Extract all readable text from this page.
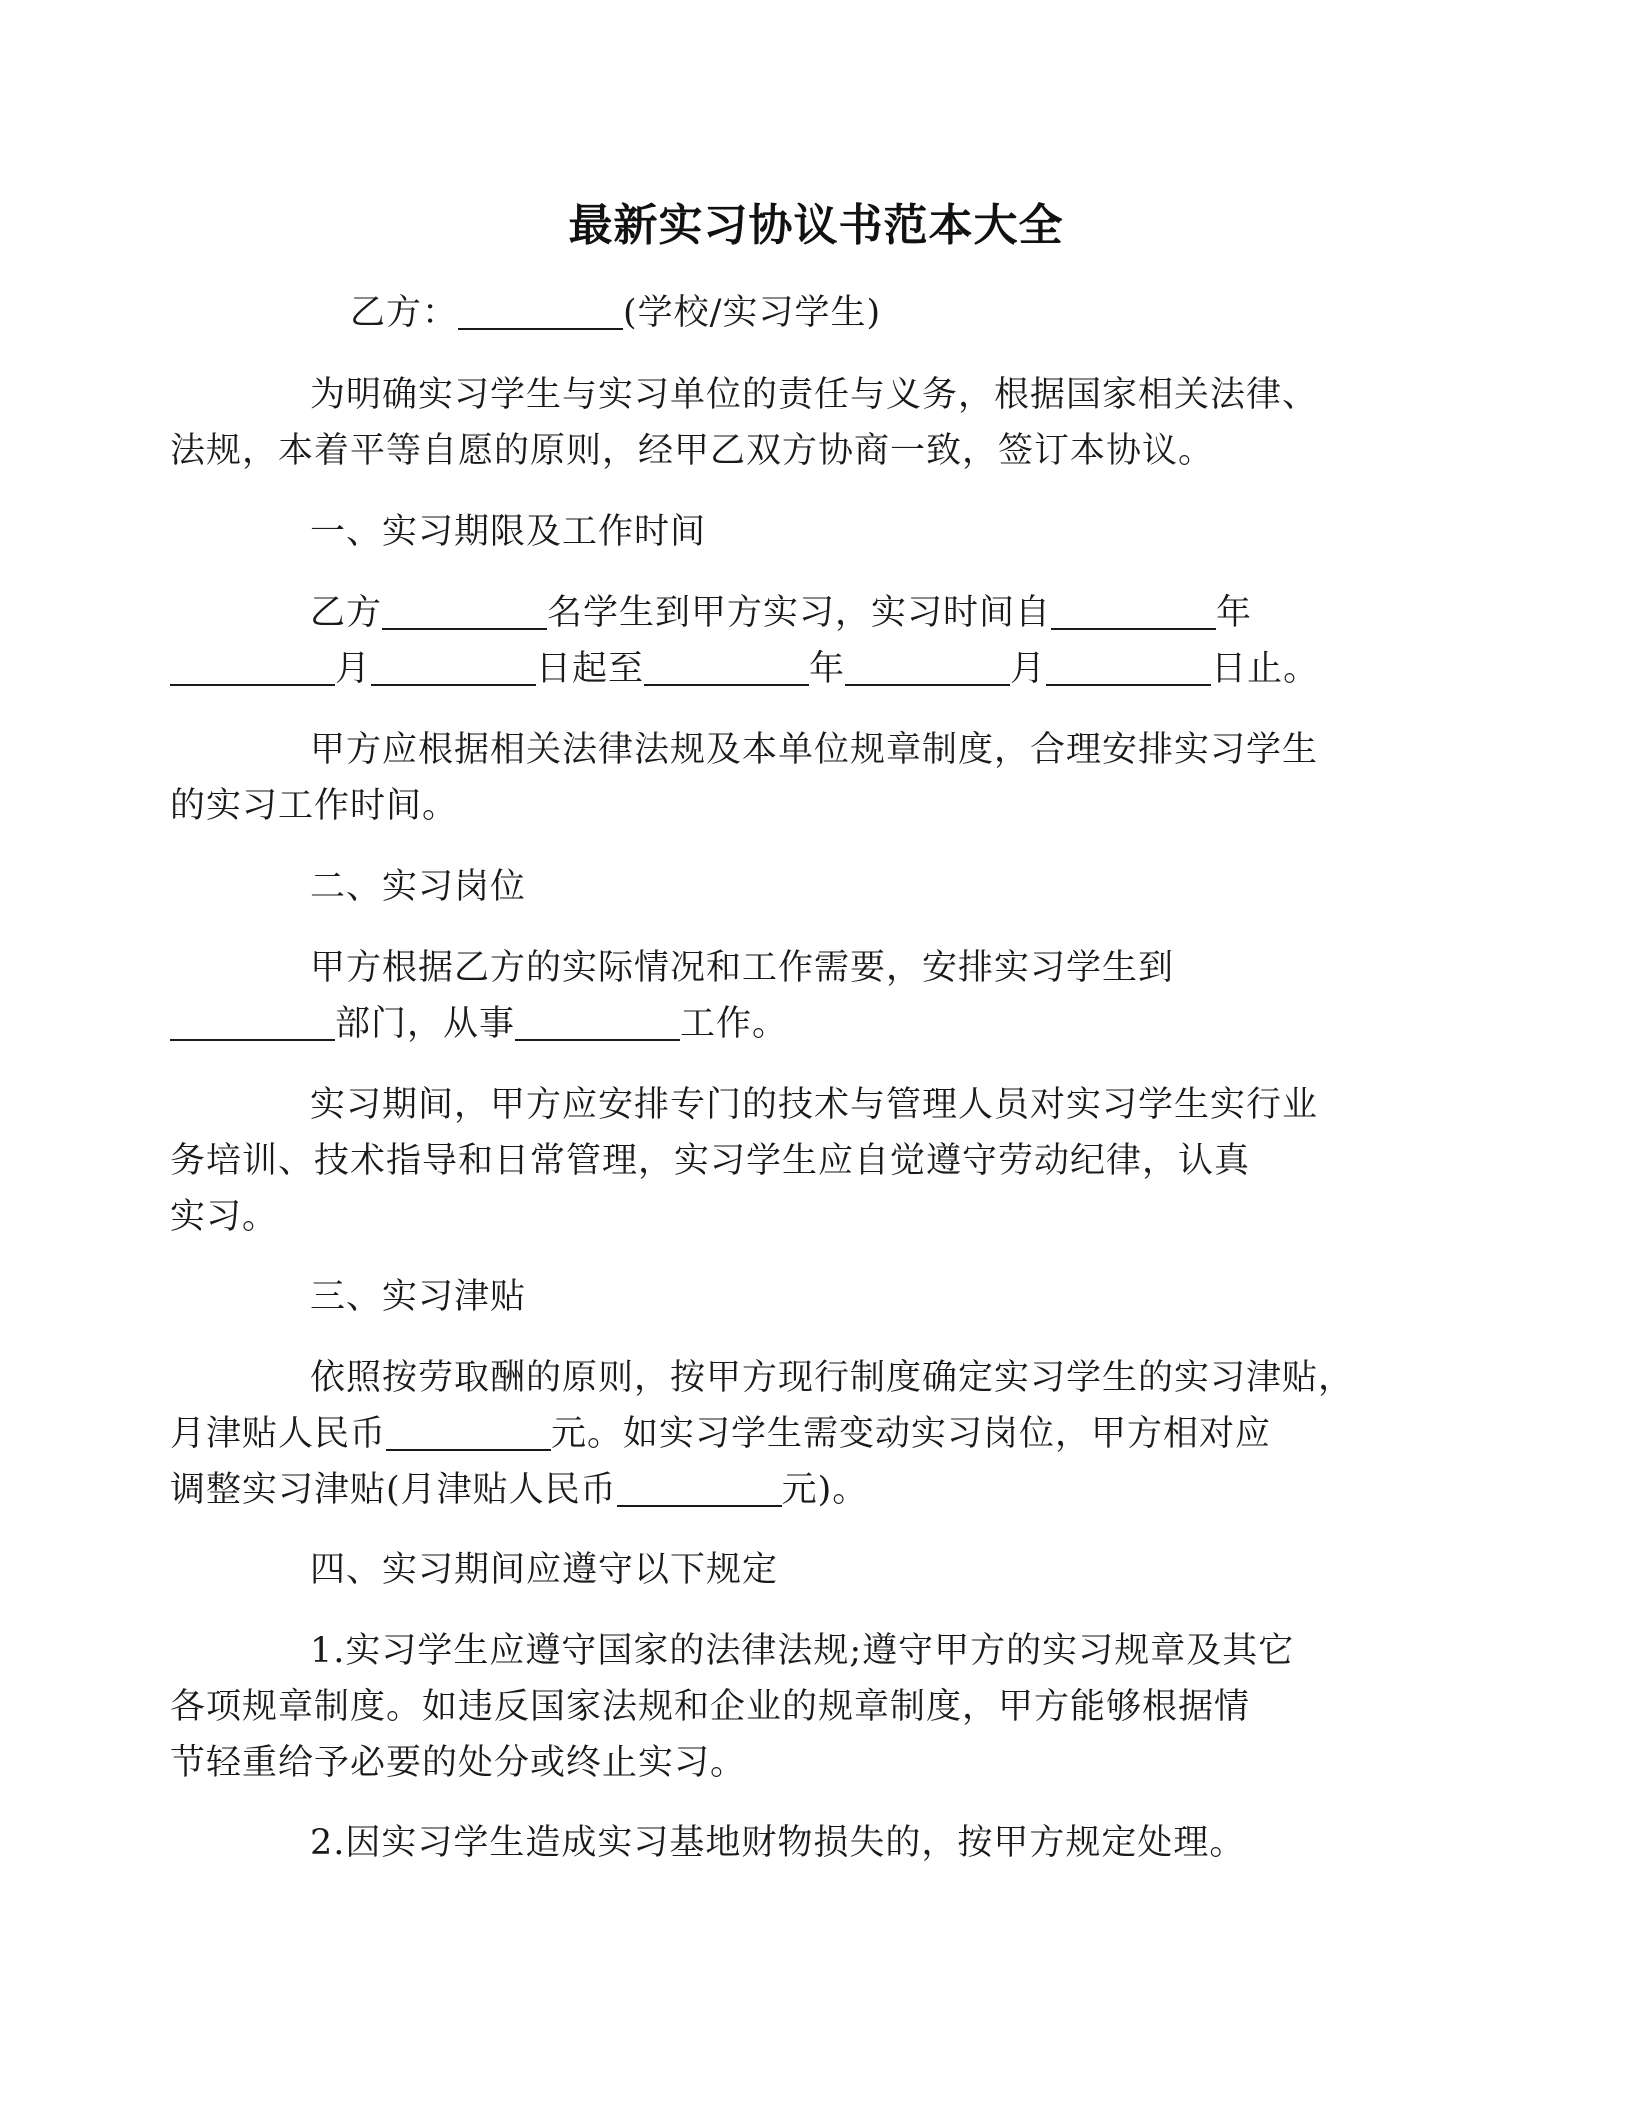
最新实习协议书范本大全
乙方：	(学校/实习学生)

为明确实习学生与实习单位的责任与义务，根据国家相关法律、
法规，本着平等自愿的原则，经甲乙双方协商一致，签订本协议。

一、实习期限及工作时间

乙方	名学生到甲方实习，实习时间自	年
月	日起至	年	月	日止。

甲方应根据相关法律法规及本单位规章制度，合理安排实习学生
的实习工作时间。

二、实习岗位

甲方根据乙方的实际情况和工作需要，安排实习学生到
部门，从事	工作。

实习期间，甲方应安排专门的技术与管理人员对实习学生实行业
务培训、技术指导和日常管理，实习学生应自觉遵守劳动纪律，认真
实习。

三、实习津贴

依照按劳取酬的原则，按甲方现行制度确定实习学生的实习津贴，
月津贴人民币	元。如实习学生需变动实习岗位，甲方相对应
调整实习津贴(月津贴人民币	元)。

四、实习期间应遵守以下规定

1.实习学生应遵守国家的法律法规;遵守甲方的实习规章及其它
各项规章制度。如违反国家法规和企业的规章制度，甲方能够根据情
节轻重给予必要的处分或终止实习。

2.因实习学生造成实习基地财物损失的，按甲方规定处理。
